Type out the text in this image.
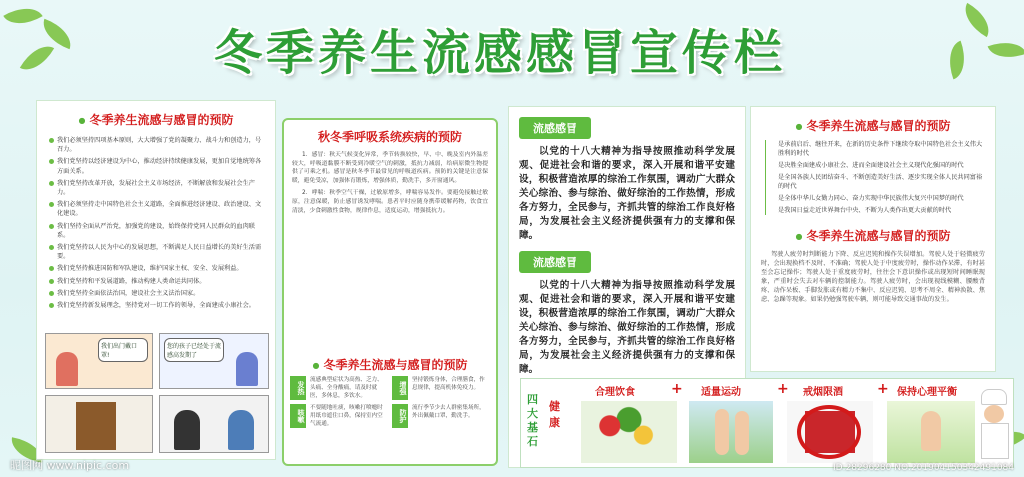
冬季养生流感感冒宣传栏
● 冬季养生流感与感冒的预防
我们必须坚持四项基本原则，大大增强了党的凝聚力、战斗力和创造力，号召力。
我们党坚持以经济建设为中心，推动经济持续健康发展，更加自觉地统筹各方面关系。
我们党坚持改革开放，发展社会主义市场经济，不断解放和发展社会生产力。
我们必须坚持走中国特色社会主义道路，全面推进经济建设、政治建设、文化建设。
我们坚持全面从严治党，加强党的建设，始终保持党同人民群众的血肉联系。
我们党坚持以人民为中心的发展思想，不断满足人民日益增长的美好生活需要。
我们党坚持推进国防和军队建设，维护国家主权、安全、发展利益。
我们党坚持和平发展道路，推动构建人类命运共同体。
我们党坚持全面依法治国，建设社会主义法治国家。
我们党坚持新发展理念，坚持党对一切工作的领导，全面建成小康社会。
我们出门戴口罩!
您的孩子已经处于流感高发期了
秋冬季呼吸系统疾病的预防

1．感冒：秋天气候变化异常，季节转换较快，早、中、晚及室内外温差较大，呼吸道黏膜不断受到冷暖空气的刺激，抵抗力减弱，给病原微生物提供了可乘之机。感冒是秋冬季节最常见的呼吸道疾病。预防的关键是注意保暖，避免受凉，加强体育锻炼，增强体质，勤洗手，多开窗通风。

2．哮喘：秋季空气干燥，过敏原增多，哮喘容易发作。要避免接触过敏原，注意保暖，防止感冒诱发哮喘。患者平时应随身携带缓解药物，饮食宜清淡，少食刺激性食物，规律作息，适度运动，增强抵抗力。

● 冬季养生流感与感冒的预防
发热
流感典型症状为高热、乏力、头痛、全身酸痛，请及时就医，多休息，多饮水。
增强
坚持锻炼身体，合理膳食，作息规律，提高机体免疫力。
咳嗽
不要随地吐痰，咳嗽打喷嚏时用纸巾遮住口鼻，保持室内空气流通。
防护
流行季节少去人群密集场所，外出佩戴口罩，勤洗手。
流感感冒

以党的十八大精神为指导按照推动科学发展观、促进社会和谐的要求，深入开展和谐平安建设，积极营造浓厚的综治工作氛围，调动广大群众关心综治、参与综治、做好综治的工作热情，形成各方努力，全民参与，齐抓共管的综治工作良好格局，为发展社会主义经济提供强有力的支撑和保障。

流感感冒

以党的十八大精神为指导按照推动科学发展观、促进社会和谐的要求，深入开展和谐平安建设，积极营造浓厚的综治工作氛围，调动广大群众关心综治、参与综治、做好综治的工作热情，形成各方努力，全民参与，齐抓共管的综治工作良好格局，为发展社会主义经济提供强有力的支撑和保障。

四大基石
健康
合理饮食	+ 适量运动	+ 戒烟限酒 + 保持心理平衡
● 冬季养生流感与感冒的预防
是承前启后、继往开来，在新的历史条件下继续夺取中国特色社会主义伟大胜利的时代
是决胜全面建成小康社会、进而全面建设社会主义现代化强国的时代
是全国各族人民团结奋斗、不断创造美好生活、逐步实现全体人民共同富裕的时代
是全体中华儿女勠力同心、奋力实现中华民族伟大复兴中国梦的时代
是我国日益走近世界舞台中央、不断为人类作出更大贡献的时代
● 冬季养生流感与感冒的预防

驾驶人疲劳时判断能力下降、反应迟钝和操作失误增加。驾驶人处于轻微疲劳时，会出现换档不及时、不准确；驾驶人处于中度疲劳时，操作动作呆滞，有时甚至会忘记操作；驾驶人处于重度疲劳时，往往会下意识操作或出现短时间睡眠现象，严重时会失去对车辆的控制能力。驾驶人疲劳时，会出现视线模糊、腰酸背疼、动作呆板、手脚发胀或有精力不集中、反应迟钝、思考不周全、精神涣散、焦虑、急躁等现象。如果仍勉强驾驶车辆，则可能导致交通事故的发生。

昵图网 www.nipic.com	ID:28296280 NO:20190415034249108​4
